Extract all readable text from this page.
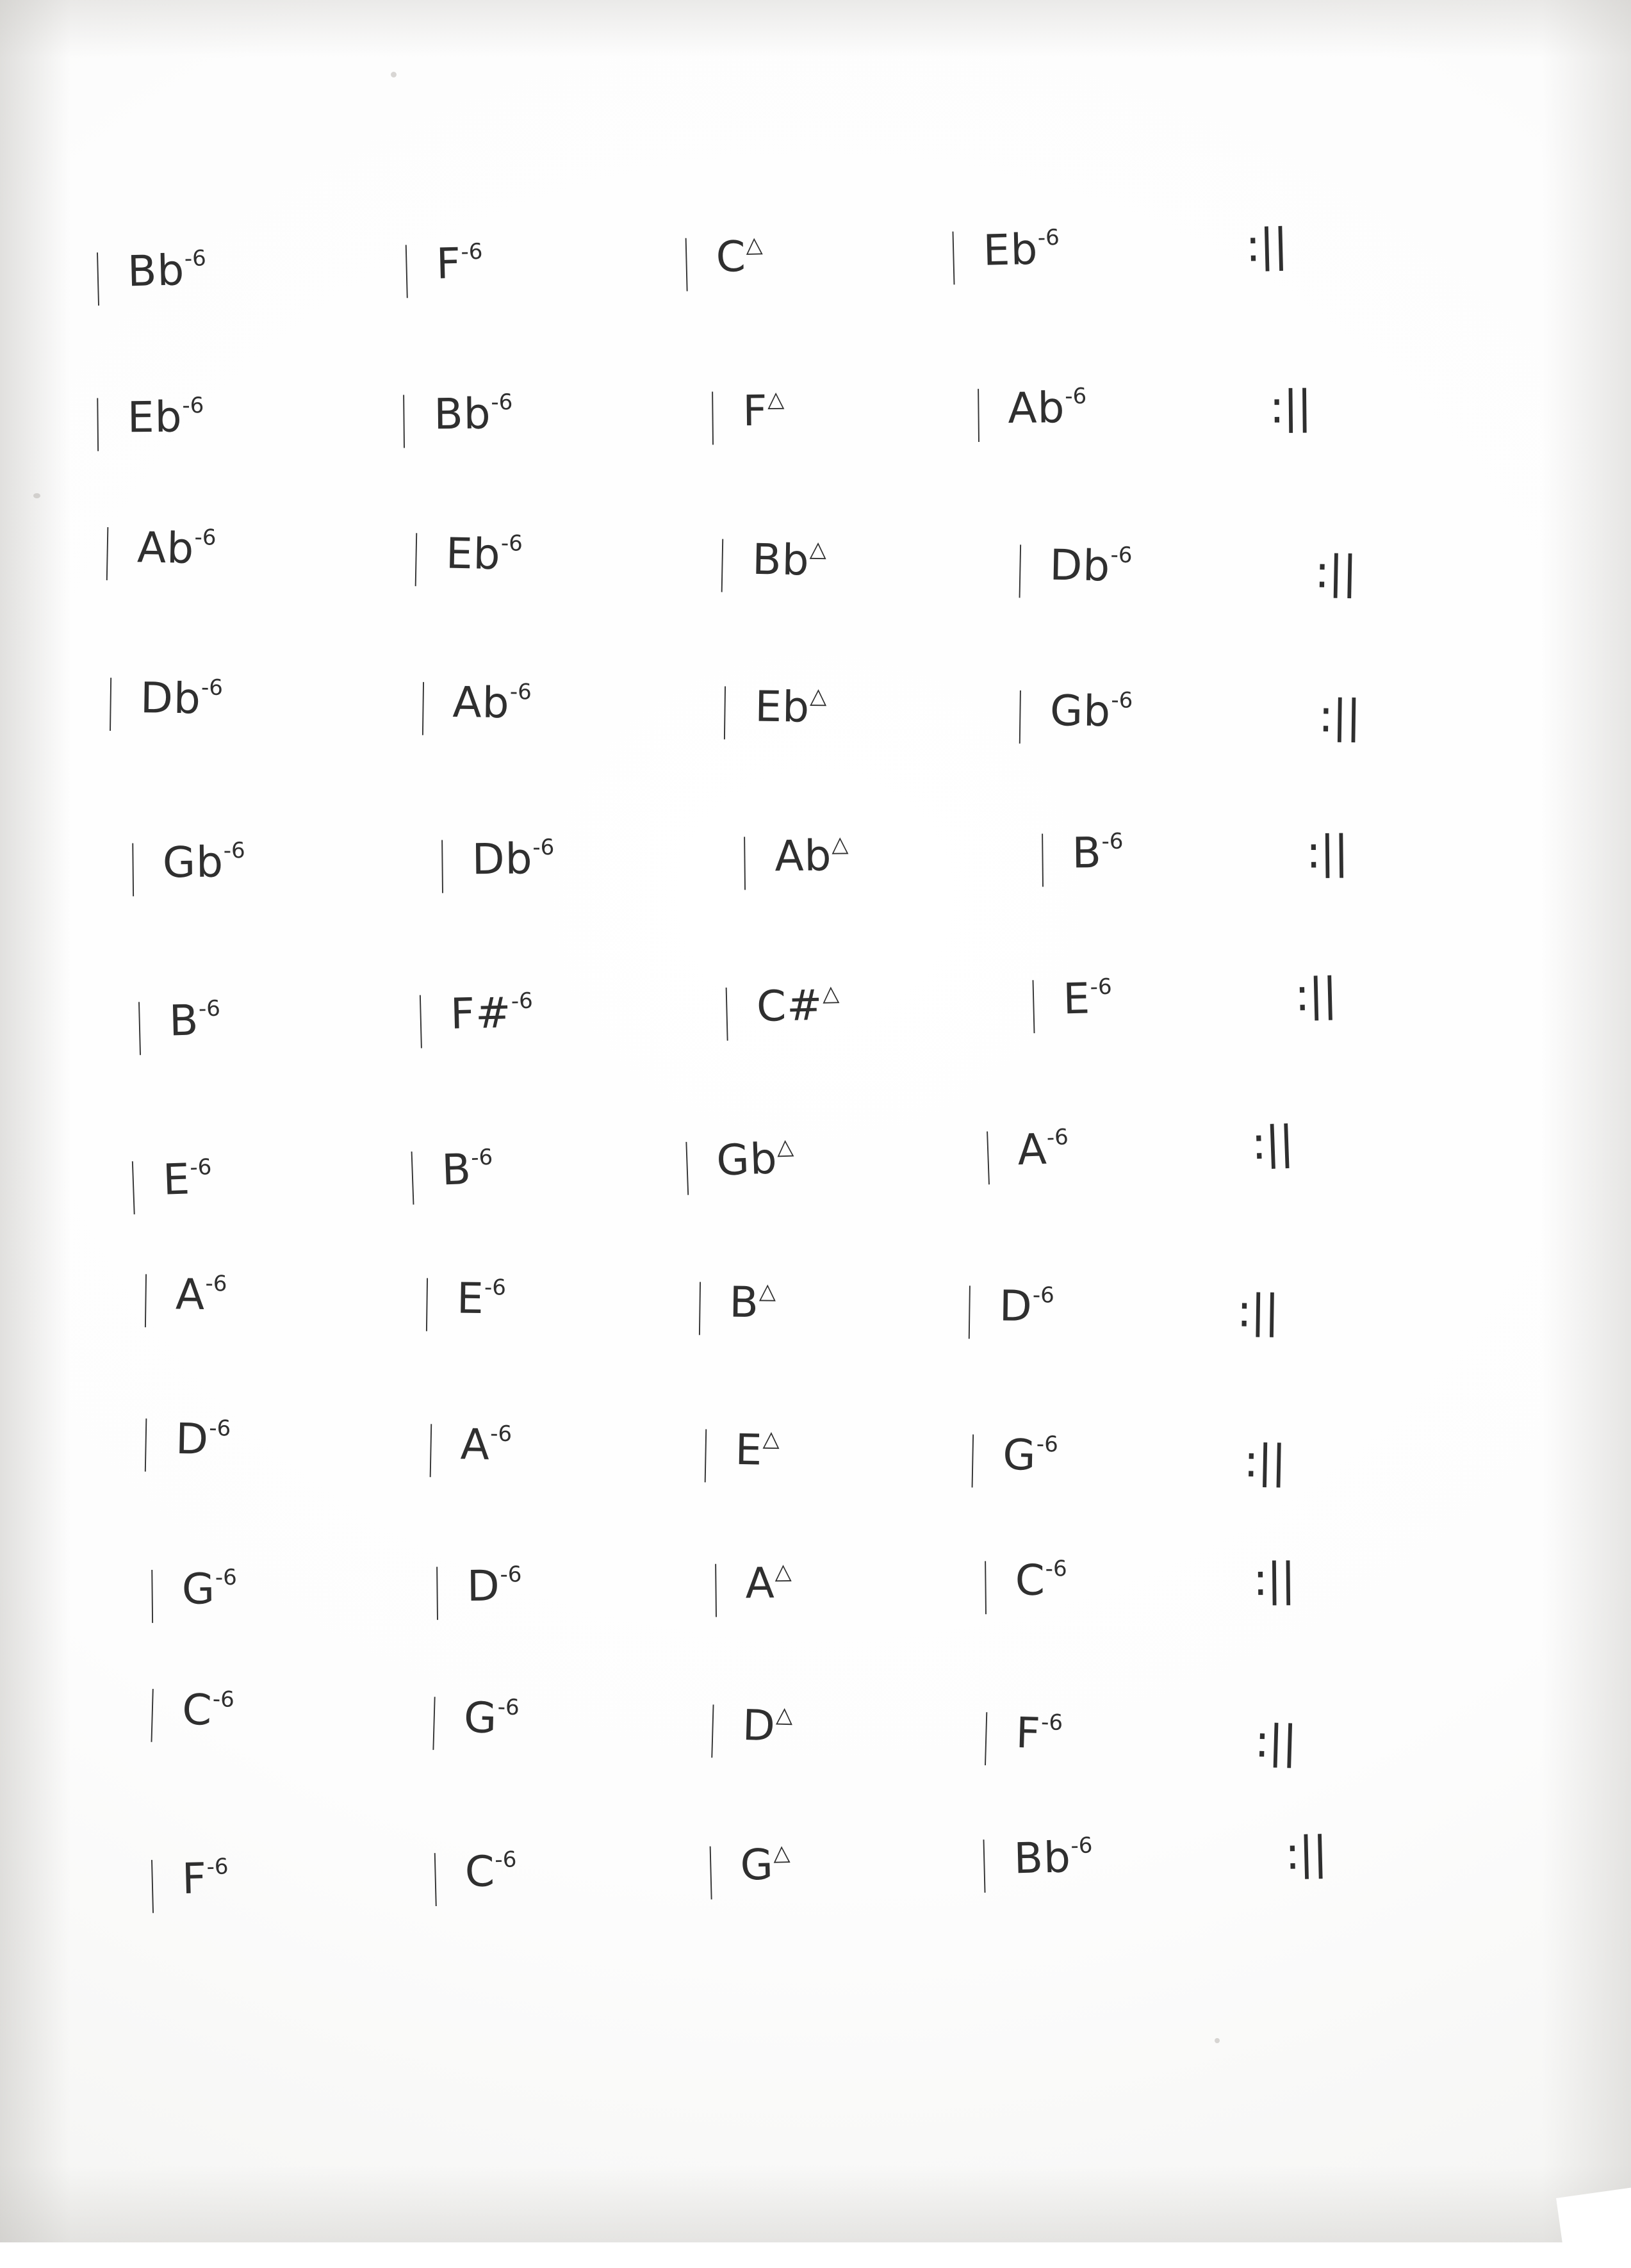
| $Bb^{-6}$	| $F^{-6}$	| C△	| $Eb^{-6}$	:||
| $Eb^{-6}$	| $Bb^{-6}$	| F△	| $Ab^{-6}$	:||
| $Ab^{-6}$	| $Eb^{-6}$	| Bb△	| $Db^{-6}$	:||
| $Db^{-6}$	| $Ab^{-6}$	| Eb△	| $Gb^{-6}$	:||
| $Gb^{-6}$	| $Db^{-6}$	| Ab△	| $B^{-6}$	:||
| $B^{-6}$	| F#$^{-6}$	| C#△	| $E^{-6}$	:||
| $E^{-6}$	| $B^{-6}$	| Gb△	| $A^{-6}$	:||
| $A^{-6}$	| $E^{-6}$	| B△	| $D^{-6}$	:||
| $D^{-6}$	| $A^{-6}$	| E△	| $G^{-6}$	:||
| $G^{-6}$	| $D^{-6}$	| A△	| $C^{-6}$	:||
| $C^{-6}$	| $G^{-6}$	| D△	| $F^{-6}$	:||
| $F^{-6}$	| $C^{-6}$	| G△	| $Bb^{-6}$	:||
